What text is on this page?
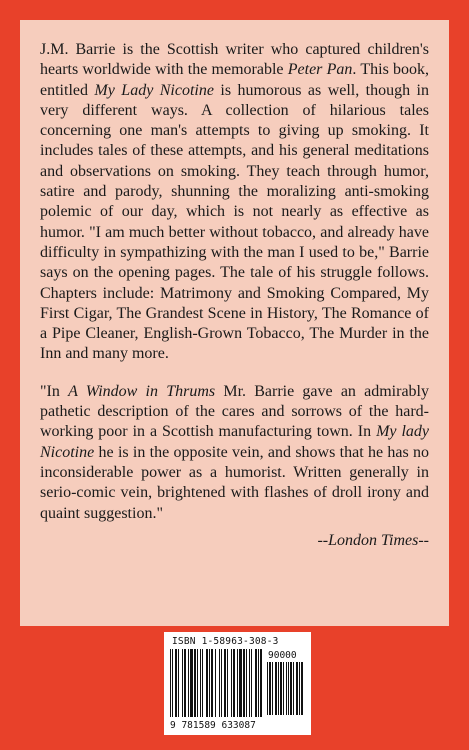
J.M. Barrie is the Scottish writer who captured children's hearts worldwide with the memorable Peter Pan. This book, entitled My Lady Nicotine is humorous as well, though in very different ways. A collection of hilarious tales concerning one man's attempts to giving up smoking. It includes tales of these attempts, and his general meditations and observations on smoking. They teach through humor, satire and parody, shunning the moralizing anti-smoking polemic of our day, which is not nearly as effective as humor. "I am much better without tobacco, and already have difficulty in sympathizing with the man I used to be," Barrie says on the opening pages. The tale of his struggle follows. Chapters include: Matrimony and Smoking Compared, My First Cigar, The Grandest Scene in History, The Romance of a Pipe Cleaner, English-Grown Tobacco, The Murder in the Inn and many more.

"In A Window in Thrums Mr. Barrie gave an admirably pathetic description of the cares and sorrows of the hard-working poor in a Scottish manufacturing town. In My lady Nicotine he is in the opposite vein, and shows that he has no inconsiderable power as a humorist. Written generally in serio-comic vein, brightened with flashes of droll irony and quaint suggestion."

--London Times--

ISBN 1-58963-308-3
90000
9 781589 633087
